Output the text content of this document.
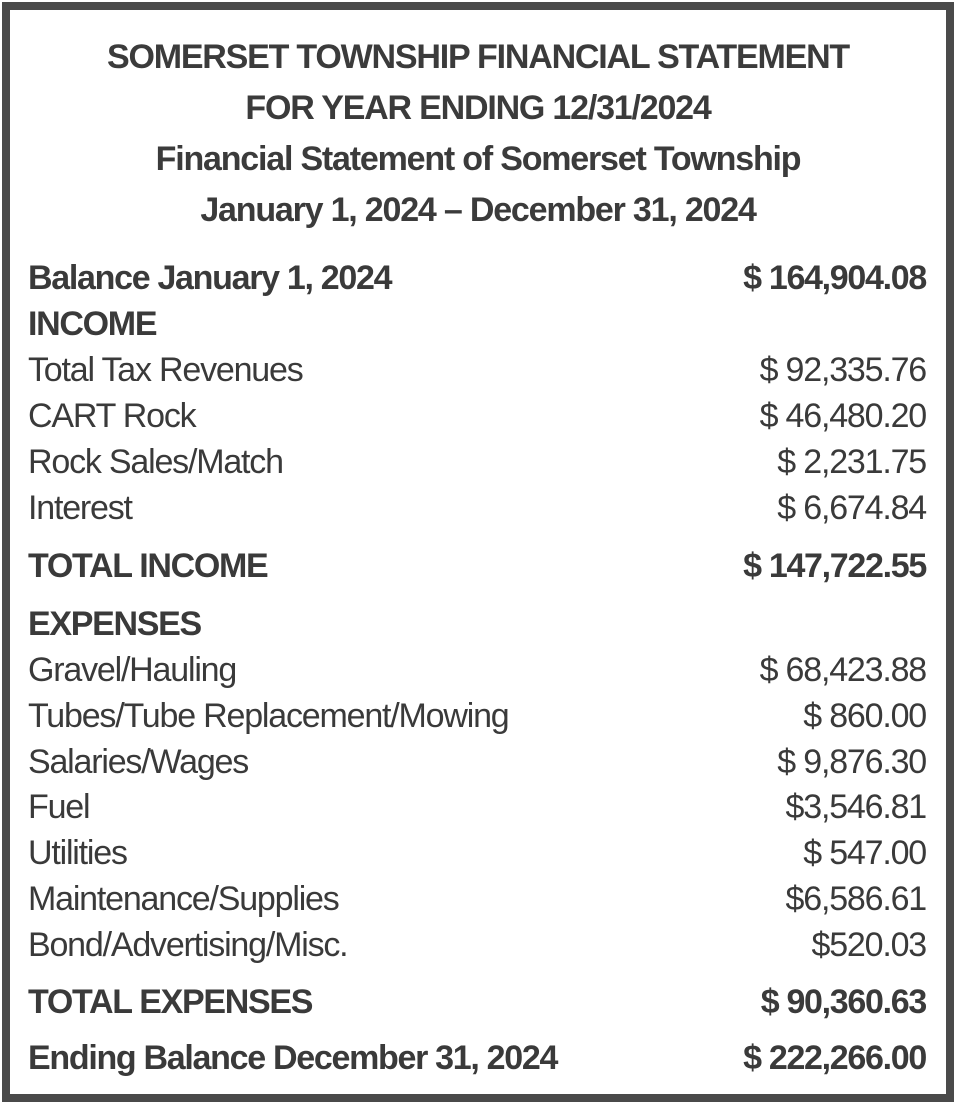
SOMERSET TOWNSHIP FINANCIAL STATEMENT
FOR YEAR ENDING 12/31/2024
Financial Statement of Somerset Township
January 1, 2024 – December 31, 2024
Balance January 1, 2024	$ 164,904.08
INCOME
Total Tax Revenues	$ 92,335.76
CART Rock	$ 46,480.20
Rock Sales/Match	$ 2,231.75
Interest	$ 6,674.84
TOTAL INCOME	$ 147,722.55
EXPENSES
Gravel/Hauling	$ 68,423.88
Tubes/Tube Replacement/Mowing	$ 860.00
Salaries/Wages	$ 9,876.30
Fuel	$3,546.81
Utilities	$ 547.00
Maintenance/Supplies	$6,586.61
Bond/Advertising/Misc.	$520.03
TOTAL EXPENSES	$ 90,360.63
Ending Balance December 31, 2024	$ 222,266.00
